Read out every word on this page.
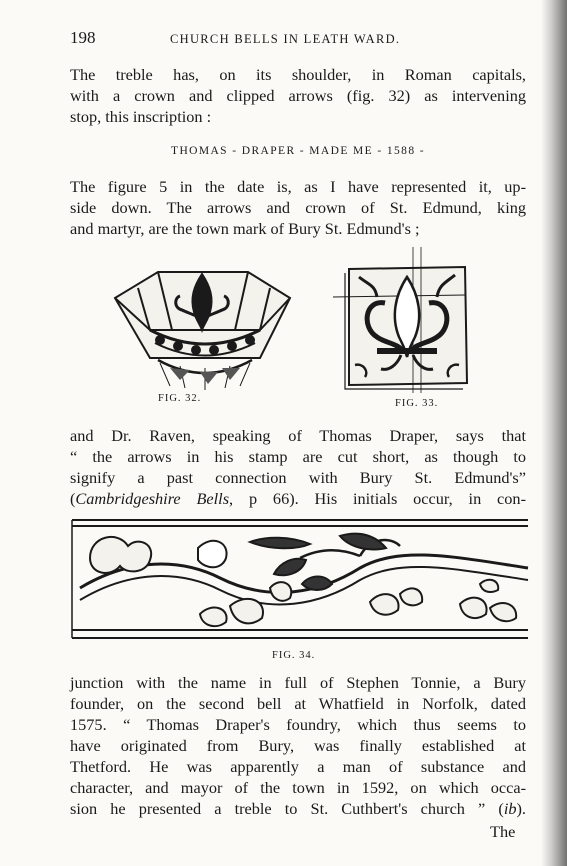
198	CHURCH BELLS IN LEATH WARD.
The treble has, on its shoulder, in Roman capitals,
with a crown and clipped arrows (fig. 32) as intervening
stop, this inscription :
THOMAS - DRAPER - MADE ME - 1588 -
The figure 5 in the date is, as I have represented it, up-
side down. The arrows and crown of St. Edmund, king
and martyr, are the town mark of Bury St. Edmund's ;
FIG. 32.	FIG. 33.
and Dr. Raven, speaking of Thomas Draper, says that
“ the arrows in his stamp are cut short, as though to
signify a past connection with Bury St. Edmund's”
(Cambridgeshire Bells, p 66). His initials occur, in con-
FIG. 34.
junction with the name in full of Stephen Tonnie, a Bury
founder, on the second bell at Whatfield in Norfolk, dated
1575. “ Thomas Draper's foundry, which thus seems to
have originated from Bury, was finally established at
Thetford. He was apparently a man of substance and
character, and mayor of the town in 1592, on which occa-
sion he presented a treble to St. Cuthbert's church ” (ib).
The
